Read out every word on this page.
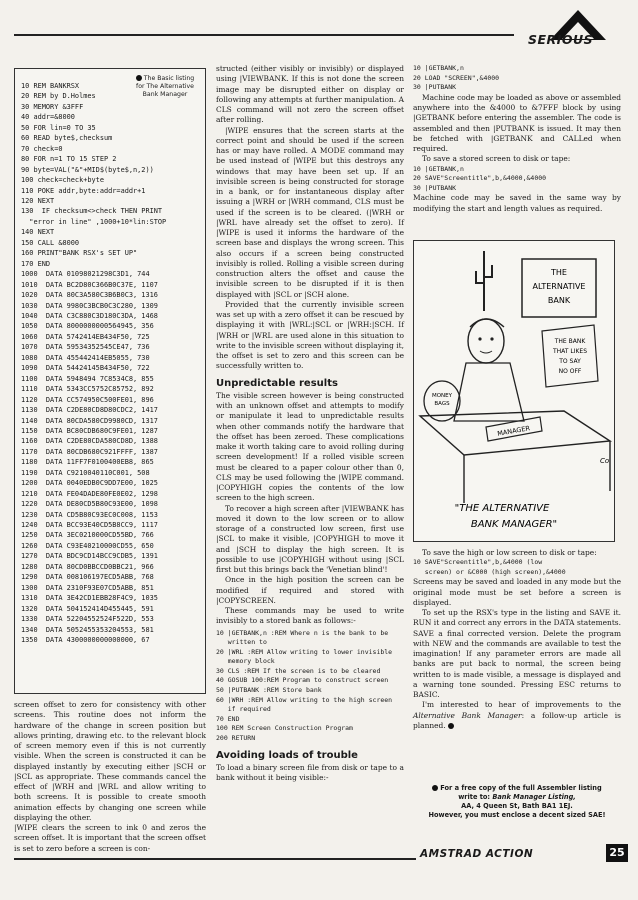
SERIOUS
The Basic listing
for The Alternative
Bank Manager
10 REM BANKRSX
20 REM by D.Holmes
30 MEMORY &3FFF
40 addr=&8000
50 FOR lin=0 TO 35
60 READ byte$,checksum
70 check=0
80 FOR n=1 TO 15 STEP 2
90 byte=VAL("&"+MID$(byte$,n,2))
100 check=check+byte
110 POKE addr,byte:addr=addr+1
120 NEXT
130  IF checksum<>check THEN PRINT
"error in line" ,1000+10*lin:STOP
140 NEXT
150 CALL &8000
160 PRINT"BANK RSX's SET UP"
170 END
1000  DATA 01098021298C3D1, 744
1010  DATA BC2D80C366B0C37E, 1107
1020  DATA 80C3A580C3B6B0C3, 1316
1030  DATA 9980C3BCB0C3C280, 1309
1040  DATA C3C880C3D180C3DA, 1468
1050  DATA 8000000000564945, 356
1060  DATA 5742414EB434F50, 725
1070  DATA 59534352545CE47, 736
1080  DATA 455442414EB5055, 730
1090  DATA 54424145B434F50, 722
1100  DATA 5948494 7C8534C8, 855
1110  DATA 5343CC5752C85752, 892
1120  DATA CC574950C500FE01, 896
1130  DATA C2DE80CD8D80CDC2, 1417
1140  DATA 80CDA580CD9980CD, 1317
1150  DATA BC80CDB680C9FE01, 1287
1160  DATA C2DE80CDA580CD8D, 1388
1170  DATA 80CDB680C921FFFF, 1387
1180  DATA 11FF7F0100400EB8, 865
1190  DATA C9210040110C001, 508
1200  DATA 0040EDB0C9DD7E00, 1025
1210  DATA FE04DADE80FE0E02, 1298
1220  DATA DE80CD5B80C93E00, 1098
1230  DATA CD5B80C93EC0C008, 1153
1240  DATA BCC93E40CD5B8CC9, 1117
1250  DATA 3EC0210000CD55BD, 766
1260  DATA C93E40210000CD55, 650
1270  DATA BDC9CD14BCC9CDB5, 1391
1280  DATA 80CD0BBCCD0BBC21, 966
1290  DATA 008106197ECD5ABB, 768
1300  DATA 2310F93E07CD5ABB, 851
1310  DATA 3E42CD1EBB28F4C9, 1035
1320  DATA 504152414D455445, 591
1330  DATA 52204552524F522D, 553
1340  DATA 5052455353204553, 581
1350  DATA 4300000000000000, 67

screen offset to zero for consistency with other screens. This routine does not inform the hardware of the change in screen position but allows printing, drawing etc. to the relevant block of screen memory even if this is not currently visible. When the screen is constructed it can be displayed instantly by executing either |SCH or |SCL as appropriate. These commands cancel the effect of |WRH and |WRL and allow writing to both screens. It is possible to create smooth animation effects by changing one screen while displaying the other.

|WIPE clears the screen to ink 0 and zeros the screen offset. It is important that the screen offset is set to zero before a screen is con-

structed (either visibly or invisibly) or displayed using |VIEWBANK. If this is not done the screen image may be disrupted either on display or following any attempts at further manipulation. A CLS command will not zero the screen offset after rolling.

|WIPE ensures that the screen starts at the correct point and should be used if the screen has or may have rolled. A MODE command may be used instead of |WIPE but this destroys any windows that may have been set up. If an invisible screen is being constructed for storage in a bank, or for instantaneous display after issuing a |WRH or |WRH command, CLS must be used if the screen is to be cleared. (|WRH or |WRL have already set the offset to zero). If |WIPE is used it informs the hardware of the screen base and displays the wrong screen. This also occurs if a screen being constructed invisibly is rolled. Rolling a visible screen during construction alters the offset and cause the invisible screen to be disrupted if it is then displayed with |SCL or |SCH alone.

Provided that the currently invisible screen was set up with a zero offset it can be rescued by displaying it with |WRL:|SCL or |WRH:|SCH. If |WRH or |WRL are used alone in this situation to write to the invisible screen without displaying it, the offset is set to zero and this screen can be successfully written to.

Unpredictable results

The visible screen however is being constructed with an unknown offset and attempts to modify or manipulate it lead to unpredictable results when other commands notify the hardware that the offset has been zeroed. These complications make it worth taking care to avoid rolling during screen development! If a rolled visible screen must be cleared to a paper colour other than 0, CLS may be used following the |WIPE command. |COPYHIGH copies the contents of the low screen to the high screen.

To recover a high screen after |VIEWBANK has moved it down to the low screen or to allow storage of a constructed low screen, first use |SCL to make it visible, |COPYHIGH to move it and |SCH to display the high screen. It is possible to use |COPYHIGH without using |SCL first but this brings back the 'Venetian blind'!

Once in the high position the screen can be modified if required and stored with |COPYSCREEN.

These commands may be used to write invisibly to a stored bank as follows:-

10 |GETBANK,n :REM Where n is the bank to be
written to
20 |WRL :REM Allow writing to lower invisible
memory block
30 CLS :REM If the screen is to be cleared
40 GOSUB 100:REM Program to construct screen
50 |PUTBANK :REM Store bank
60 |WRH :REM Allow writing to the high screen
if required
70 END
100 REM Screen Construction Program
200 RETURN
Avoiding loads of trouble

To load a binary screen file from disk or tape to a bank without it being visible:-

10 |GETBANK,n
20 LOAD "SCREEN",&4000
30 |PUTBANK

Machine code may be loaded as above or assembled anywhere into the &4000 to &7FFF block by using |GETBANK before entering the assembler. The code is assembled and then |PUTBANK is issued. It may then be fetched with |GETBANK and CALLed when required.

To save a stored screen to disk or tape:

10 |GETBANK,n
20 SAVE"Screentitle",b,&4000,&4000
30 |PUTBANK

Machine code may be saved in the same way by modifying the start and length values as required.

THE
ALTERNATIVE
BANK
THE BANK
THAT LIKES
TO SAY
NO OFF
MONEY
BAGS
MANAGER
"THE ALTERNATIVE
BANK MANAGER"
Co

To save the high or low screen to disk or tape:

10 SAVE"Screentitle",b,&4000 (low
screen) or &C000 (high screen),&4000

Screens may be saved and loaded in any mode but the original mode must be set before a screen is displayed.

To set up the RSX's type in the listing and SAVE it. RUN it and correct any errors in the DATA statements. SAVE a final corrected version. Delete the program with NEW and the commands are available to test the imagination! If any parameter errors are made all banks are put back to normal, the screen being written to is made visible, a message is displayed and a warning tone sounded. Pressing ESC returns to BASIC.

I'm interested to hear of improvements to the Alternative Bank Manager: a follow-up article is planned.

For a free copy of the full Assembler listing
write to: Bank Manager Listing,
AA, 4 Queen St, Bath BA1 1EJ.
However, you must enclose a decent sized SAE!
AMSTRAD ACTION	25
